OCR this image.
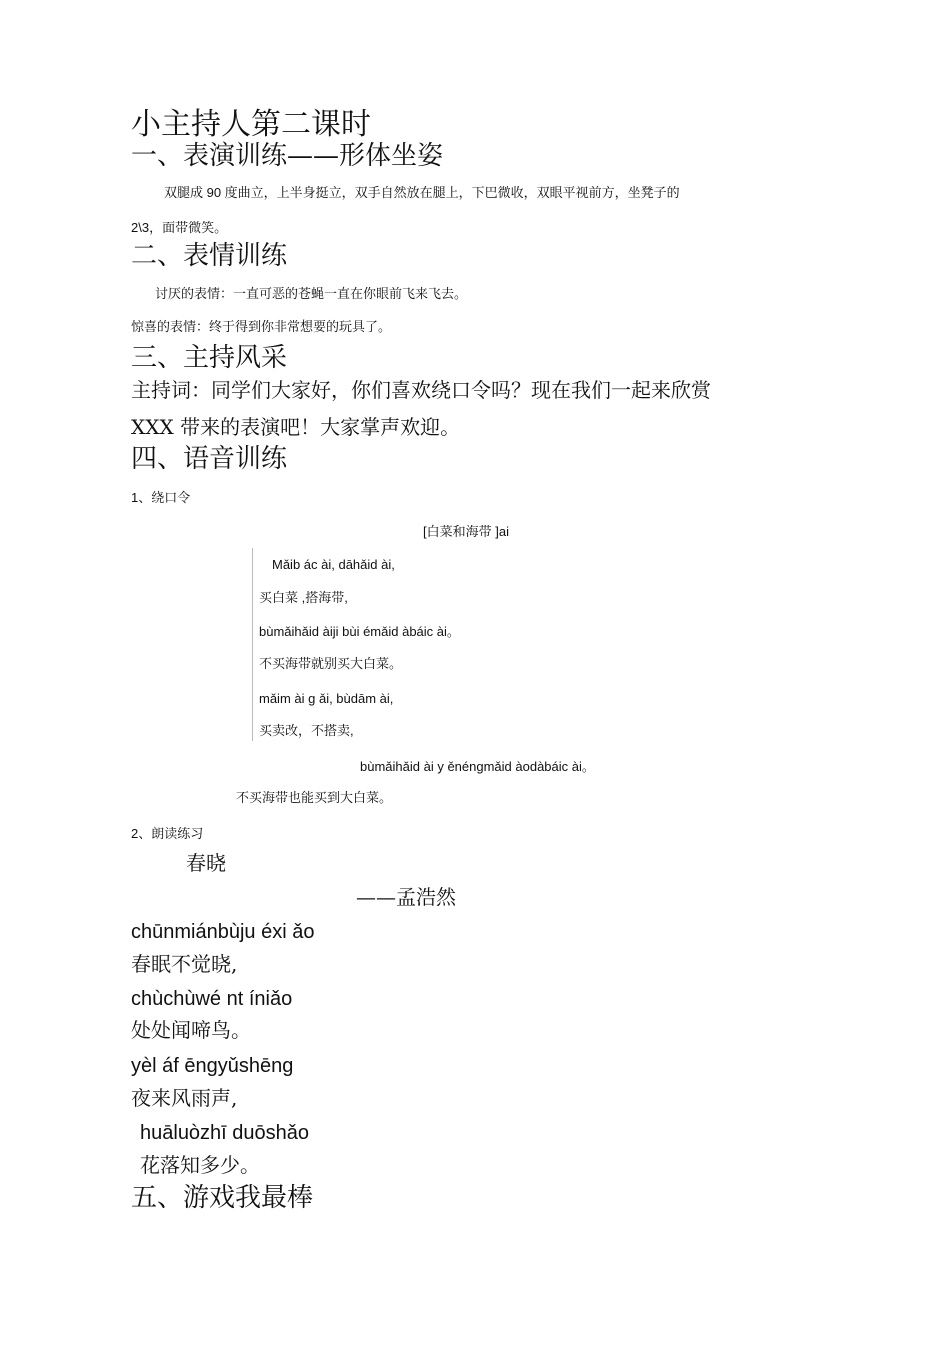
小主持人第二课时
一、表演训练——形体坐姿
双腿成 90 度曲立，上半身挺立，双手自然放在腿上，下巴微收，双眼平视前方，坐凳子的
2\3，面带微笑。
二、表情训练
讨厌的表情：一直可恶的苍蝇一直在你眼前飞来飞去。
惊喜的表情：终于得到你非常想要的玩具了。
三、主持风采
主持词：同学们大家好，你们喜欢绕口令吗？现在我们一起来欣赏
XXX 带来的表演吧！大家掌声欢迎。
四、语音训练
1、绕口令
[白菜和海带 ]ai
Mǎib ác ài, dāhǎid ài,
买白菜 ,搭海带,
bùmǎihǎid àiji bùi émǎid àbáic ài。
不买海带就别买大白菜。
mǎim ài g ǎi, bùdām ài,
买卖改，不搭卖,
bùmǎihǎid ài y ěnéngmǎid àodàbáic ài。
不买海带也能买到大白菜。
2、朗读练习
春晓
——孟浩然
chūnmiánbùju éxi ǎo
春眠不觉晓,
chùchùwé nt íniǎo
处处闻啼鸟。
yèl áf ēngyǔshēng
夜来风雨声,
huāluòzhī duōshǎo
花落知多少。
五、游戏我最棒
